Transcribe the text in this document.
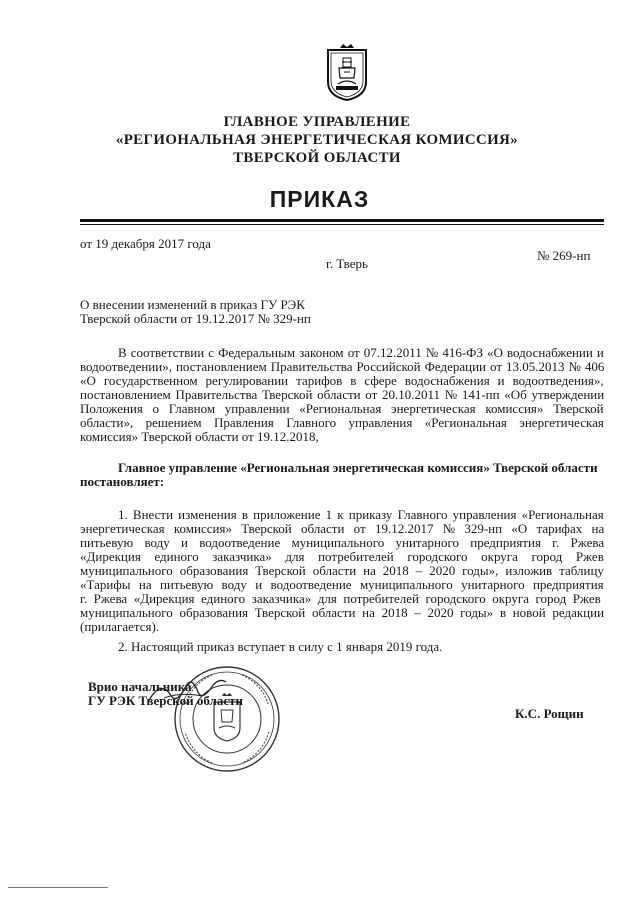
ГЛАВНОЕ УПРАВЛЕНИЕ
«РЕГИОНАЛЬНАЯ ЭНЕРГЕТИЧЕСКАЯ КОМИССИЯ»
ТВЕРСКОЙ ОБЛАСТИ
ПРИКАЗ
от 19 декабря 2017 года
№ 269-нп
г. Тверь
О внесении изменений в приказ ГУ РЭК
Тверской области от 19.12.2017 № 329-нп
В соответствии с Федеральным законом от 07.12.2011 № 416-ФЗ «О водоснабжении и
водоотведении», постановлением Правительства Российской Федерации от 13.05.2013 № 406
«О государственном регулировании тарифов в сфере водоснабжения и водоотведения»,
постановлением Правительства Тверской области от 20.10.2011 № 141-пп «Об утверждении
Положения о Главном управлении «Региональная энергетическая комиссия» Тверской
области», решением Правления Главного управления «Региональная энергетическая
комиссия» Тверской области от 19.12.2018,
Главное управление «Региональная энергетическая комиссия» Тверской области
постановляет:
1. Внести изменения в приложение 1 к приказу Главного управления «Региональная
энергетическая комиссия» Тверской области от 19.12.2017 № 329-нп «О тарифах на
питьевую воду и водоотведение муниципального унитарного предприятия г. Ржева
«Дирекция единого заказчика» для потребителей городского округа город Ржев
муниципального образования Тверской области на 2018 – 2020 годы», изложив таблицу
«Тарифы на питьевую воду и водоотведение муниципального унитарного предприятия
г. Ржева «Дирекция единого заказчика» для потребителей городского округа город Ржев
муниципального образования Тверской области на 2018 – 2020 годы» в новой редакции
(прилагается).
2. Настоящий приказ вступает в силу с 1 января 2019 года.
Врио начальника
ГУ РЭК Тверской области
К.С. Рощин
